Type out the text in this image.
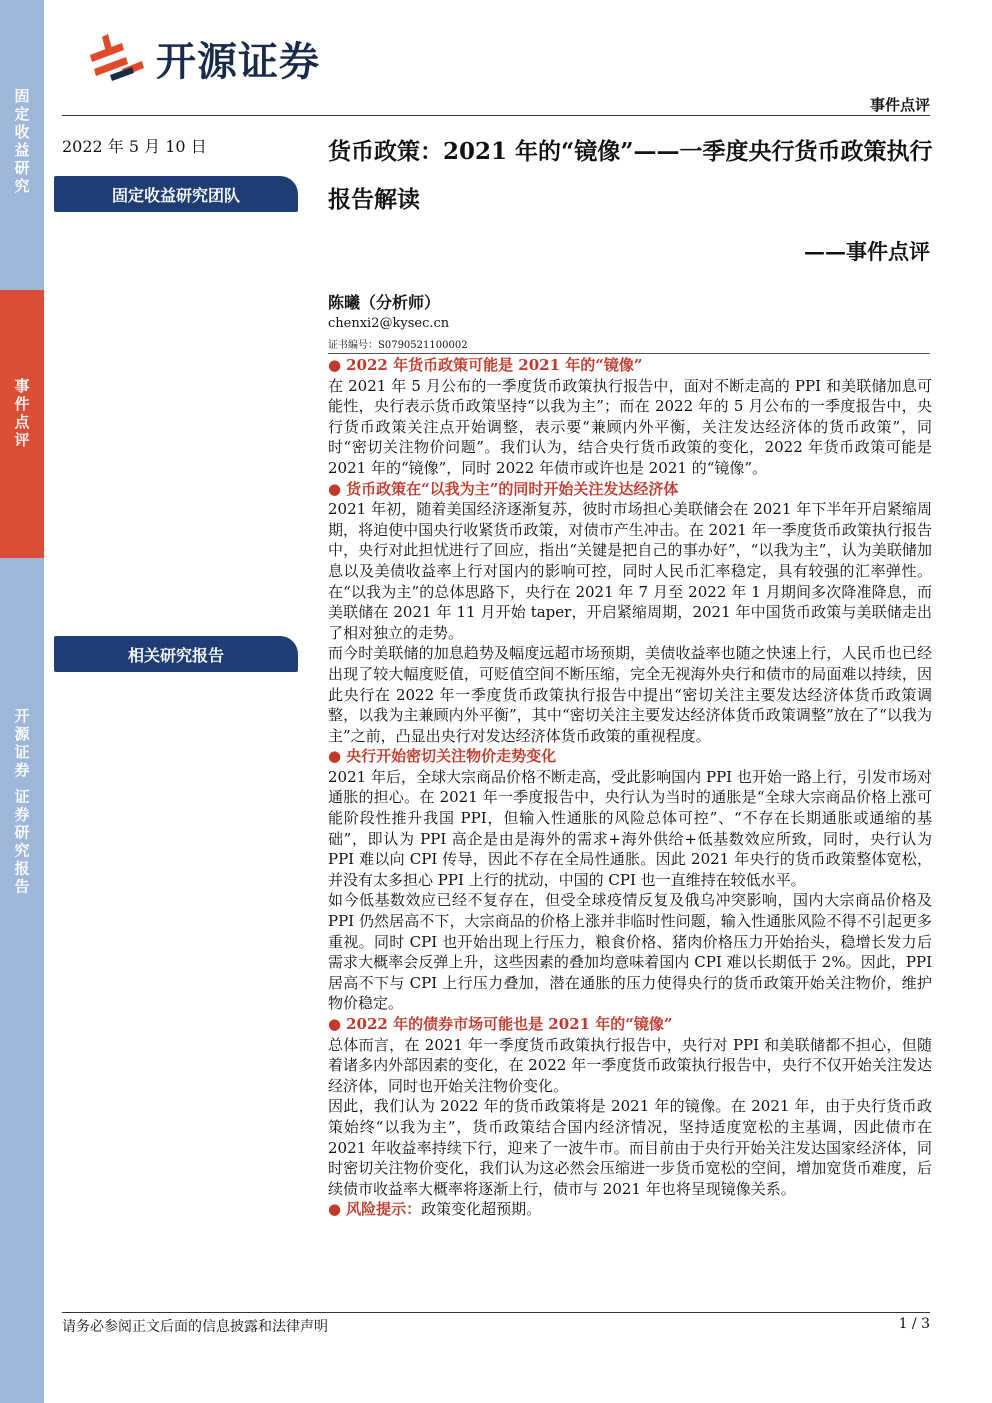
固定收益研究
事件点评
开源证券 证券研究报告
开源证券
事件点评
2022 年 5 月 10 日
固定收益研究团队
相关研究报告
货币政策：2021 年的“镜像”——一季度央行货币政策执行报告解读
——事件点评
陈曦（分析师）
chenxi2@kysec.cn
证书编号：S0790521100002

● 2022 年货币政策可能是 2021 年的“镜像”

在 2021 年 5 月公布的一季度货币政策执行报告中，面对不断走高的 PPI 和美联储加息可能性，央行表示货币政策坚持“以我为主”；而在 2022 年的 5 月公布的一季度报告中，央行货币政策关注点开始调整，表示要“兼顾内外平衡，关注发达经济体的货币政策”，同时“密切关注物价问题”。我们认为，结合央行货币政策的变化，2022 年货币政策可能是 2021 年的“镜像”，同时 2022 年债市或许也是 2021 的“镜像”。

● 货币政策在“以我为主”的同时开始关注发达经济体

2021 年初，随着美国经济逐渐复苏，彼时市场担心美联储会在 2021 年下半年开启紧缩周期，将迫使中国央行收紧货币政策，对债市产生冲击。在 2021 年一季度货币政策执行报告中，央行对此担忧进行了回应，指出“关键是把自己的事办好”，“以我为主”，认为美联储加息以及美债收益率上行对国内的影响可控，同时人民币汇率稳定，具有较强的汇率弹性。在“以我为主”的总体思路下，央行在 2021 年 7 月至 2022 年 1 月期间多次降准降息，而美联储在 2021 年 11 月开始 taper，开启紧缩周期，2021 年中国货币政策与美联储走出了相对独立的走势。

而今时美联储的加息趋势及幅度远超市场预期，美债收益率也随之快速上行，人民币也已经出现了较大幅度贬值，可贬值空间不断压缩，完全无视海外央行和债市的局面难以持续，因此央行在 2022 年一季度货币政策执行报告中提出“密切关注主要发达经济体货币政策调整，以我为主兼顾内外平衡”，其中“密切关注主要发达经济体货币政策调整”放在了“以我为主”之前，凸显出央行对发达经济体货币政策的重视程度。

● 央行开始密切关注物价走势变化

2021 年后，全球大宗商品价格不断走高，受此影响国内 PPI 也开始一路上行，引发市场对通胀的担心。在 2021 年一季度报告中，央行认为当时的通胀是“全球大宗商品价格上涨可能阶段性推升我国 PPI，但输入性通胀的风险总体可控”、“不存在长期通胀或通缩的基础”，即认为 PPI 高企是由是海外的需求+海外供给+低基数效应所致，同时，央行认为 PPI 难以向 CPI 传导，因此不存在全局性通胀。因此 2021 年央行的货币政策整体宽松，并没有太多担心 PPI 上行的扰动，中国的 CPI 也一直维持在较低水平。

如今低基数效应已经不复存在，但受全球疫情反复及俄乌冲突影响，国内大宗商品价格及 PPI 仍然居高不下，大宗商品的价格上涨并非临时性问题，输入性通胀风险不得不引起更多重视。同时 CPI 也开始出现上行压力，粮食价格、猪肉价格压力开始抬头，稳增长发力后需求大概率会反弹上升，这些因素的叠加均意味着国内 CPI 难以长期低于 2%。因此，PPI 居高不下与 CPI 上行压力叠加，潜在通胀的压力使得央行的货币政策开始关注物价，维护物价稳定。

● 2022 年的债券市场可能也是 2021 年的“镜像”

总体而言，在 2021 年一季度货币政策执行报告中，央行对 PPI 和美联储都不担心，但随着诸多内外部因素的变化，在 2022 年一季度货币政策执行报告中，央行不仅开始关注发达经济体，同时也开始关注物价变化。

因此，我们认为 2022 年的货币政策将是 2021 年的镜像。在 2021 年，由于央行货币政策始终“以我为主”，货币政策结合国内经济情况，坚持适度宽松的主基调，因此债市在 2021 年收益率持续下行，迎来了一波牛市。而目前由于央行开始关注发达国家经济体，同时密切关注物价变化，我们认为这必然会压缩进一步货币宽松的空间，增加宽货币难度，后续债市收益率大概率将逐渐上行，债市与 2021 年也将呈现镜像关系。

● 风险提示：政策变化超预期。

请务必参阅正文后面的信息披露和法律声明	1 / 3
